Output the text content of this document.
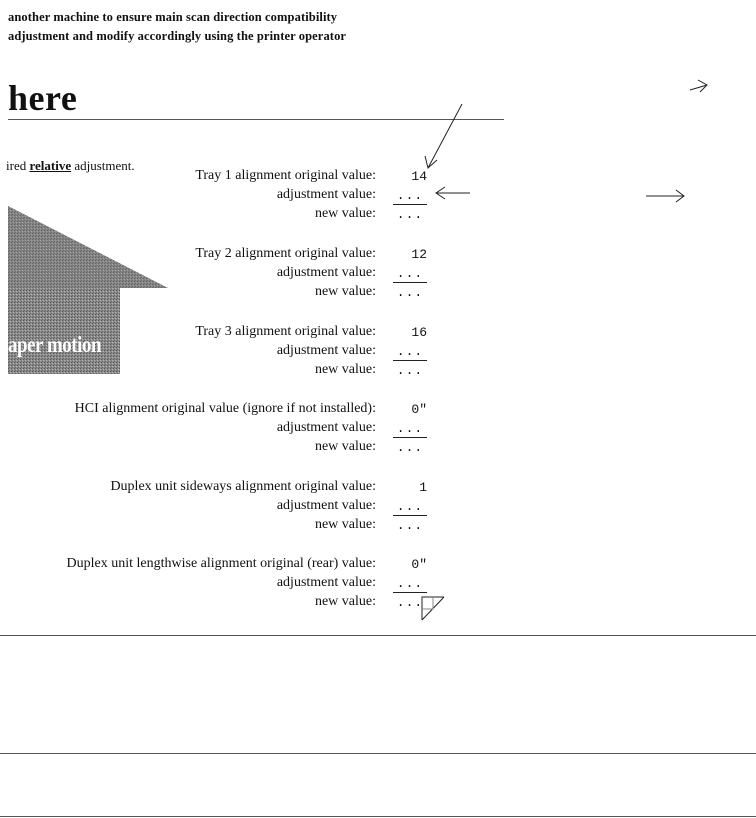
another machine to ensure main scan direction compatibility
adjustment and modify accordingly using the printer operator
here
ired relative adjustment.
aper motion
Tray 1 alignment original value:	14
adjustment value: ...
new value: ...
Tray 2 alignment original value:	12
adjustment value: ...
new value: ...
Tray 3 alignment original value:	16
adjustment value: ...
new value: ...
HCI alignment original value (ignore if not installed):	0"
adjustment value: ...
new value: ...
Duplex unit sideways alignment original value:	1
adjustment value: ...
new value: ...
Duplex unit lengthwise alignment original (rear) value:	0"
adjustment value: ...
new value: ...
